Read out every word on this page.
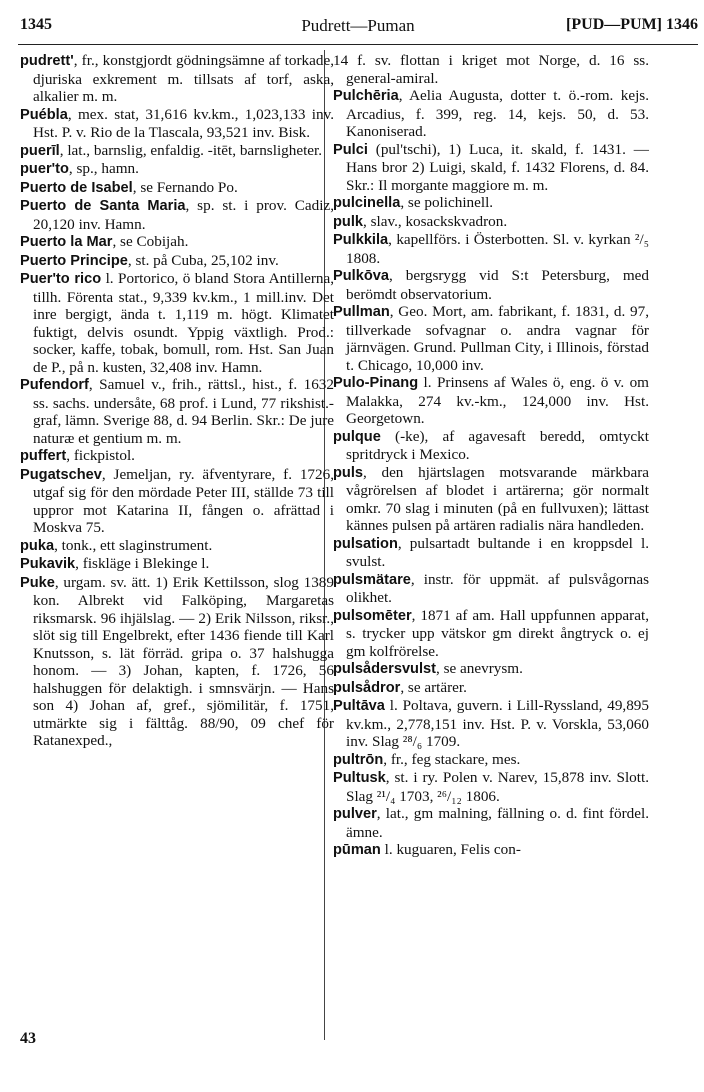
1345	Pudrett—Puman	[PUD—PUM] 1346

pudrett', fr., konstgjordt gödningsämne af torkade, djuriska exkrement m. tillsats af torf, aska, alkalier m. m.

Puébla, mex. stat, 31,616 kv.km., 1,023,133 inv. Hst. P. v. Rio de la Tlascala, 93,521 inv. Bisk.

puerīl, lat., barnslig, enfaldig. -itēt, barnsligheter.

puer'to, sp., hamn.

Puerto de Isabel, se Fernando Po.

Puerto de Santa Maria, sp. st. i prov. Cadiz, 20,120 inv. Hamn.

Puerto la Mar, se Cobijah.

Puerto Principe, st. på Cuba, 25,102 inv.

Puer'to rico l. Portorico, ö bland Stora Antillerna, tillh. Förenta stat., 9,339 kv.km., 1 mill.inv. Det inre bergigt, ända t. 1,119 m. högt. Klimatet fuktigt, delvis osundt. Yppig växtligh. Prod.: socker, kaffe, tobak, bomull, rom. Hst. San Juan de P., på n. kusten, 32,408 inv. Hamn.

Pufendorf, Samuel v., frih., rättsl., hist., f. 1632 ss. sachs. undersåte, 68 prof. i Lund, 77 rikshist.-graf, lämn. Sverige 88, d. 94 Berlin. Skr.: De jure naturæ et gentium m. m.

puffert, fickpistol.

Pugatschev, Jemeljan, ry. äfventyrare, f. 1726, utgaf sig för den mördade Peter III, ställde 73 till uppror mot Katarina II, fången o. afrättad i Moskva 75.

puka, tonk., ett slaginstrument.

Pukavik, fiskläge i Blekinge l.

Puke, urgam. sv. ätt. 1) Erik Kettilsson, slog 1389 kon. Albrekt vid Falköping, Margaretas riksmarsk. 96 ihjälslag. — 2) Erik Nilsson, riksr., slöt sig till Engelbrekt, efter 1436 fiende till Karl Knutsson, s. lät förräd. gripa o. 37 halshugga honom. — 3) Johan, kapten, f. 1726, 56 halshuggen för delaktigh. i smnsvärjn. — Hans son 4) Johan af, gref., sjömilitär, f. 1751, utmärkte sig i fälttåg. 88/90, 09 chef för Ratanexped.,

14 f. sv. flottan i kriget mot Norge, d. 16 ss. general-amiral.

Pulchēria, Aelia Augusta, dotter t. ö.-rom. kejs. Arcadius, f. 399, reg. 14, kejs. 50, d. 53. Kanoniserad.

Pulci (pul'tschi), 1) Luca, it. skald, f. 1431. — Hans bror 2) Luigi, skald, f. 1432 Florens, d. 84. Skr.: Il morgante maggiore m. m.

pulcinella, se polichinell.

pulk, slav., kosackskvadron.

Pulkkila, kapellförs. i Österbotten. Sl. v. kyrkan ²/₅ 1808.

Pulkōva, bergsrygg vid S:t Petersburg, med berömdt observatorium.

Pullman, Geo. Mort, am. fabrikant, f. 1831, d. 97, tillverkade sofvagnar o. andra vagnar för järnvägen. Grund. Pullman City, i Illinois, förstad t. Chicago, 10,000 inv.

Pulo-Pinang l. Prinsens af Wales ö, eng. ö v. om Malakka, 274 kv.-km., 124,000 inv. Hst. Georgetown.

pulque (-ke), af agavesaft beredd, omtyckt spritdryck i Mexico.

puls, den hjärtslagen motsvarande märkbara vågrörelsen af blodet i artärerna; gör normalt omkr. 70 slag i minuten (på en fullvuxen); lättast kännes pulsen på artären radialis nära handleden.

pulsation, pulsartadt bultande i en kroppsdel l. svulst.

pulsmätare, instr. för uppmät. af pulsvågornas olikhet.

pulsomēter, 1871 af am. Hall uppfunnen apparat, s. trycker upp vätskor gm direkt ångtryck o. ej gm kolfrörelse.

pulsådersvulst, se anevrysm.

pulsådror, se artärer.

Pultāva l. Poltava, guvern. i Lill-Ryssland, 49,895 kv.km., 2,778,151 inv. Hst. P. v. Vorskla, 53,060 inv. Slag ²⁸/₆ 1709.

pultrōn, fr., feg stackare, mes.

Pultusk, st. i ry. Polen v. Narev, 15,878 inv. Slott. Slag ²¹/₄ 1703, ²⁶/₁₂ 1806.

pulver, lat., gm malning, fällning o. d. fint fördel. ämne.

pūman l. kuguaren, Felis con-

43
